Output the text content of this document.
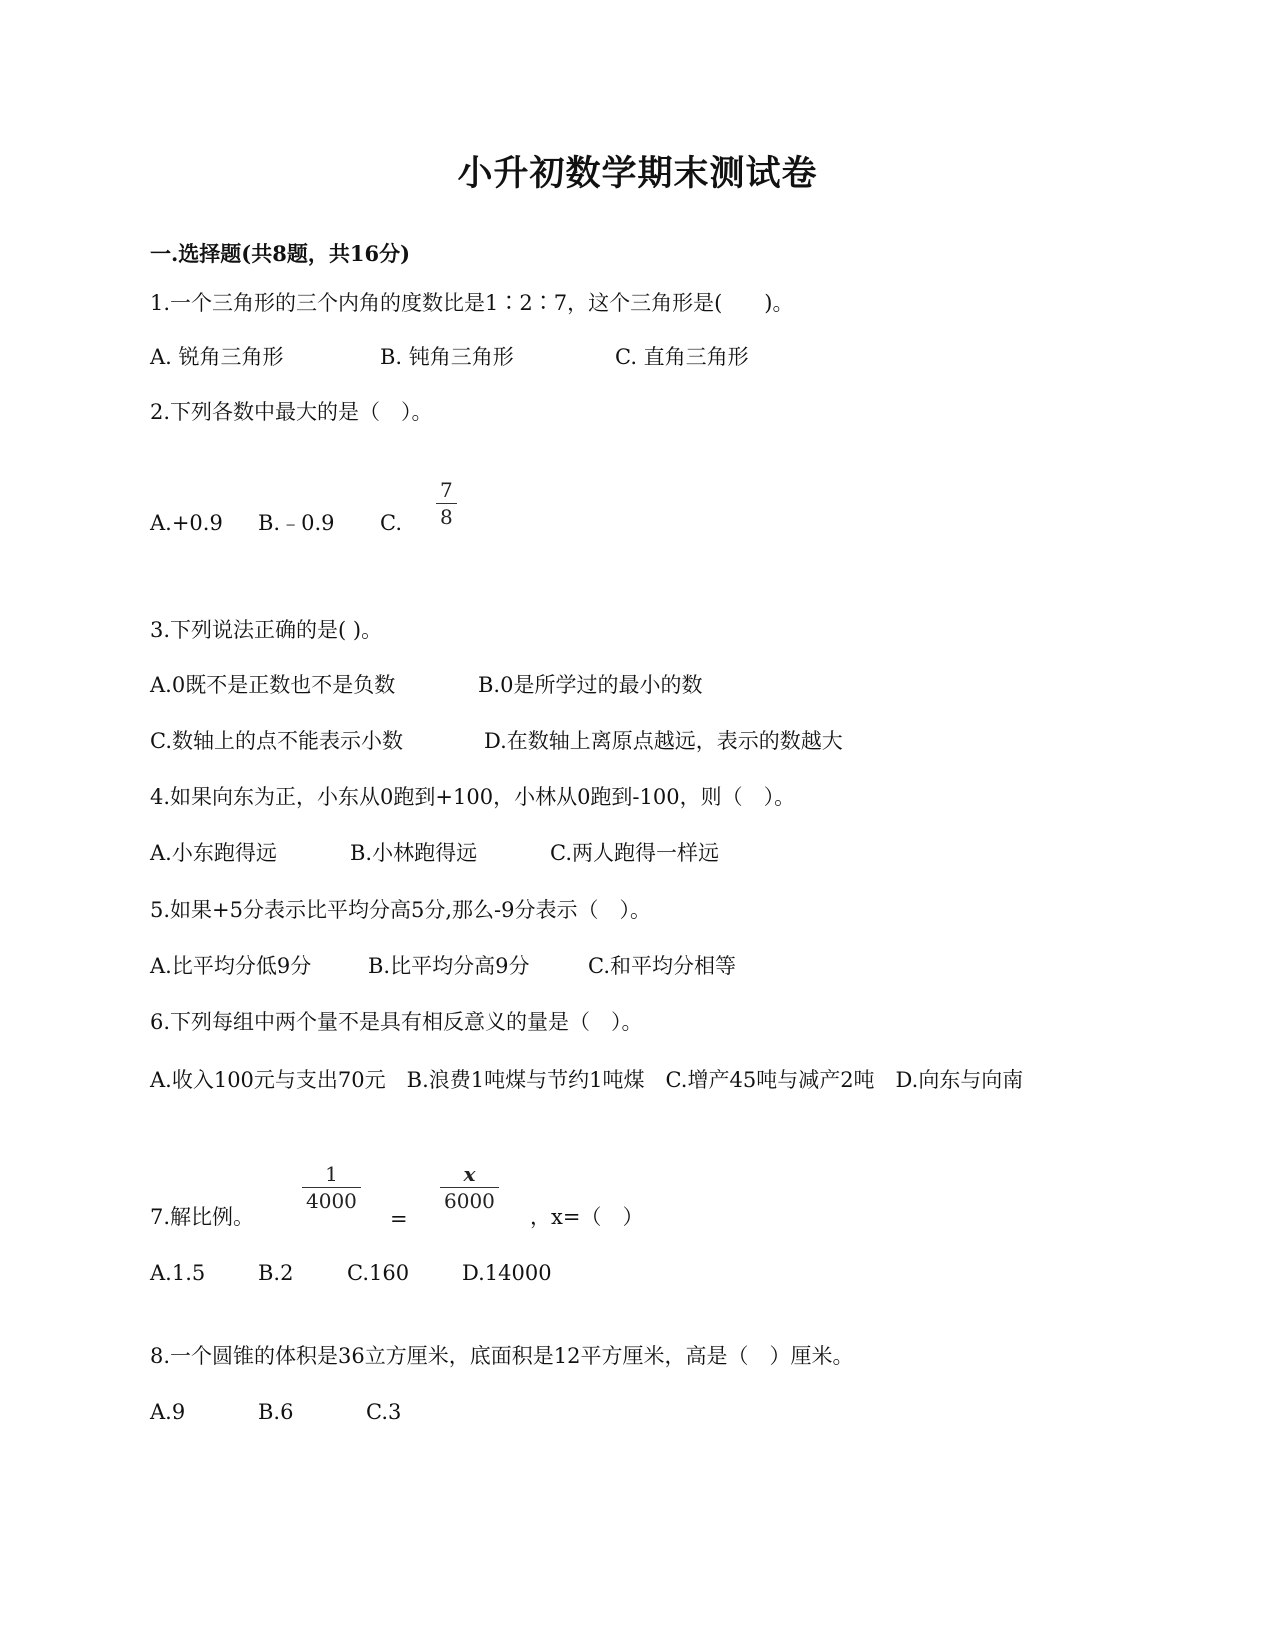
小升初数学期末测试卷
一.选择题(共8题，共16分)
1.一个三角形的三个内角的度数比是1∶2∶7，这个三角形是(　　)。
A. 锐角三角形	B. 钝角三角形	C. 直角三角形
2.下列各数中最大的是（　）。
A.+0.9 B.﹣0.9 C.
7
8
3.下列说法正确的是( )。
A.0既不是正数也不是负数	B.0是所学过的最小的数
C.数轴上的点不能表示小数	D.在数轴上离原点越远，表示的数越大
4.如果向东为正，小东从0跑到+100，小林从0跑到-100，则（　）。
A.小东跑得远	B.小林跑得远	C.两人跑得一样远
5.如果+5分表示比平均分高5分,那么-9分表示（　）。
A.比平均分低9分	B.比平均分高9分	C.和平均分相等
6.下列每组中两个量不是具有相反意义的量是（　）。
A.收入100元与支出70元　B.浪费1吨煤与节约1吨煤　C.增产45吨与减产2吨　D.向东与向南
7.解比例。
1
4000
=
x
6000
，x=（　）
A.1.5	B.2	C.160	D.14000
8.一个圆锥的体积是36立方厘米，底面积是12平方厘米，高是（　）厘米。
A.9	B.6	C.3
